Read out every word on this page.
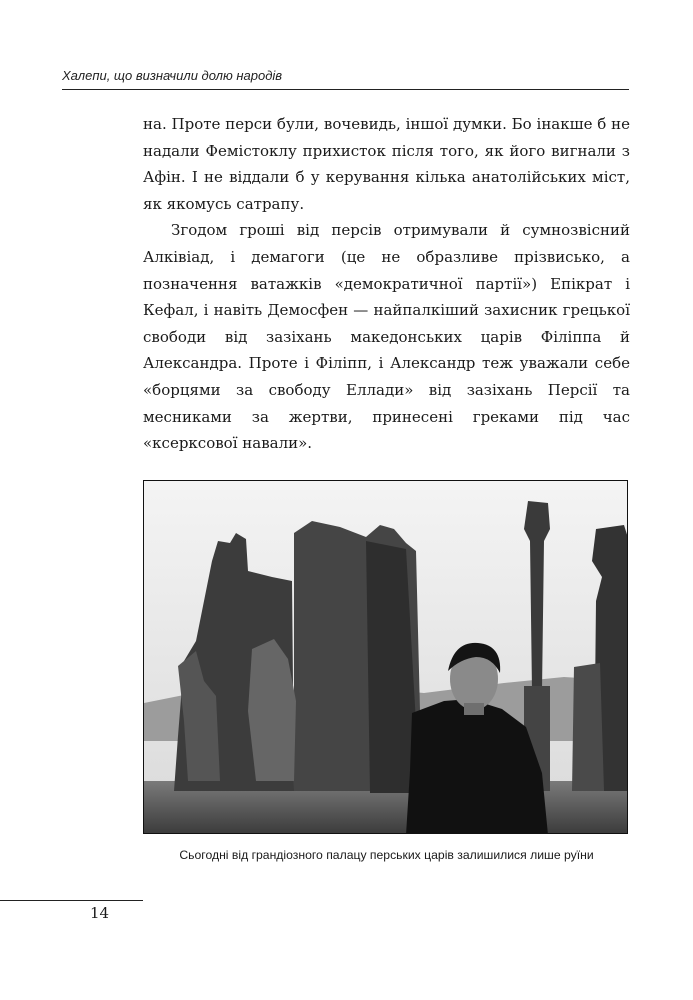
Халепи, що визначили долю народів

на. Проте перси були, вочевидь, іншої думки. Бо інакше б не надали Фемістоклу прихисток після того, як його вигнали з Афін. І не віддали б у керування кілька анатолійських міст, як якомусь сатрапу.

Згодом гроші від персів отримували й сумнозвісний Алківіад, і демагоги (це не образливе прізвисько, а позначення ватажків «демократичної партії») Епікрат і Кефал, і навіть Демосфен — найпалкіший захисник грецької свободи від зазіхань македонських царів Філіппа й Александра. Проте і Філіпп, і Александр теж уважали себе «борцями за свободу Еллади» від зазіхань Персії та месниками за жертви, принесені греками під час «ксерксової навали».

Сьогодні від грандіозного палацу перських царів залишилися лише руїни
14
